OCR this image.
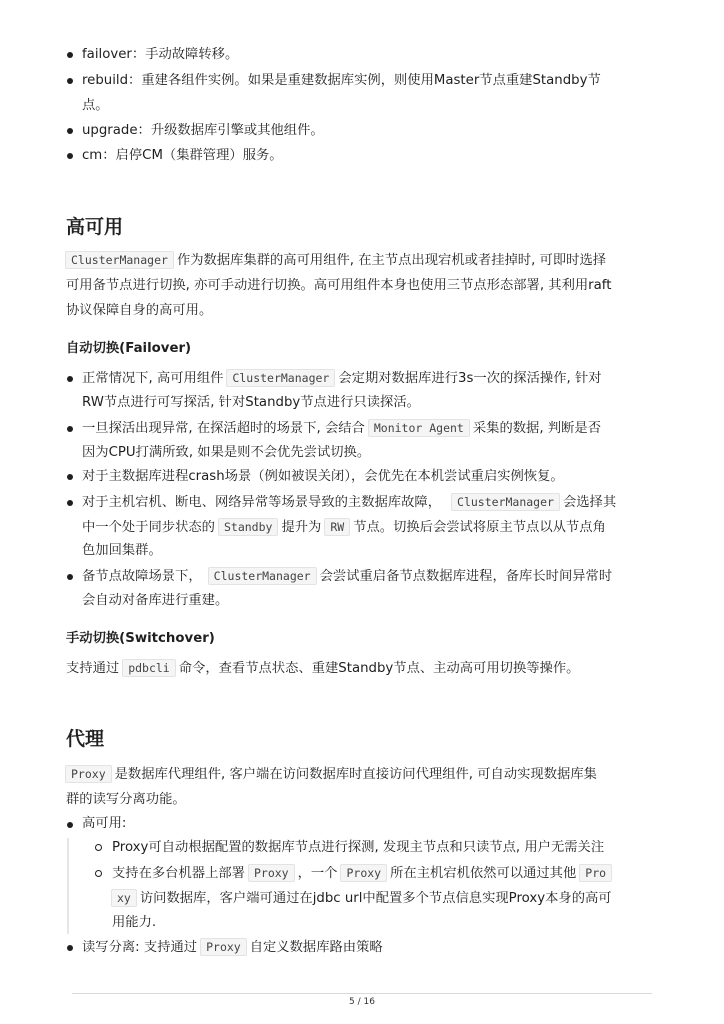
failover：手动故障转移。
rebuild：重建各组件实例。如果是重建数据库实例，则使用Master节点重建Standby节
点。
upgrade：升级数据库引擎或其他组件。
cm：启停CM（集群管理）服务。
高可用
ClusterManager 作为数据库集群的高可用组件, 在主节点出现宕机或者挂掉时, 可即时选择
可用备节点进行切换, 亦可手动进行切换。高可用组件本身也使用三节点形态部署, 其利用raft
协议保障自身的高可用。
自动切换(Failover)
正常情况下, 高可用组件 ClusterManager 会定期对数据库进行3s一次的探活操作, 针对
RW节点进行可写探活, 针对Standby节点进行只读探活。
一旦探活出现异常, 在探活超时的场景下, 会结合 Monitor Agent 采集的数据, 判断是否
因为CPU打满所致, 如果是则不会优先尝试切换。
对于主数据库进程crash场景（例如被误关闭），会优先在本机尝试重启实例恢复。
对于主机宕机、断电、网络异常等场景导致的主数据库故障， ClusterManager 会选择其
中一个处于同步状态的 Standby 提升为 RW 节点。切换后会尝试将原主节点以从节点角
色加回集群。
备节点故障场景下， ClusterManager 会尝试重启备节点数据库进程，备库长时间异常时
会自动对备库进行重建。
手动切换(Switchover)
支持通过 pdbcli 命令，查看节点状态、重建Standby节点、主动高可用切换等操作。
代理
Proxy 是数据库代理组件, 客户端在访问数据库时直接访问代理组件, 可自动实现数据库集
群的读写分离功能。
高可用:
Proxy可自动根据配置的数据库节点进行探测, 发现主节点和只读节点, 用户无需关注
支持在多台机器上部署 Proxy ，一个 Proxy 所在主机宕机依然可以通过其他 Pro
xy 访问数据库，客户端可通过在jdbc url中配置多个节点信息实现Proxy本身的高可
用能力.
读写分离: 支持通过 Proxy 自定义数据库路由策略
5 / 16
